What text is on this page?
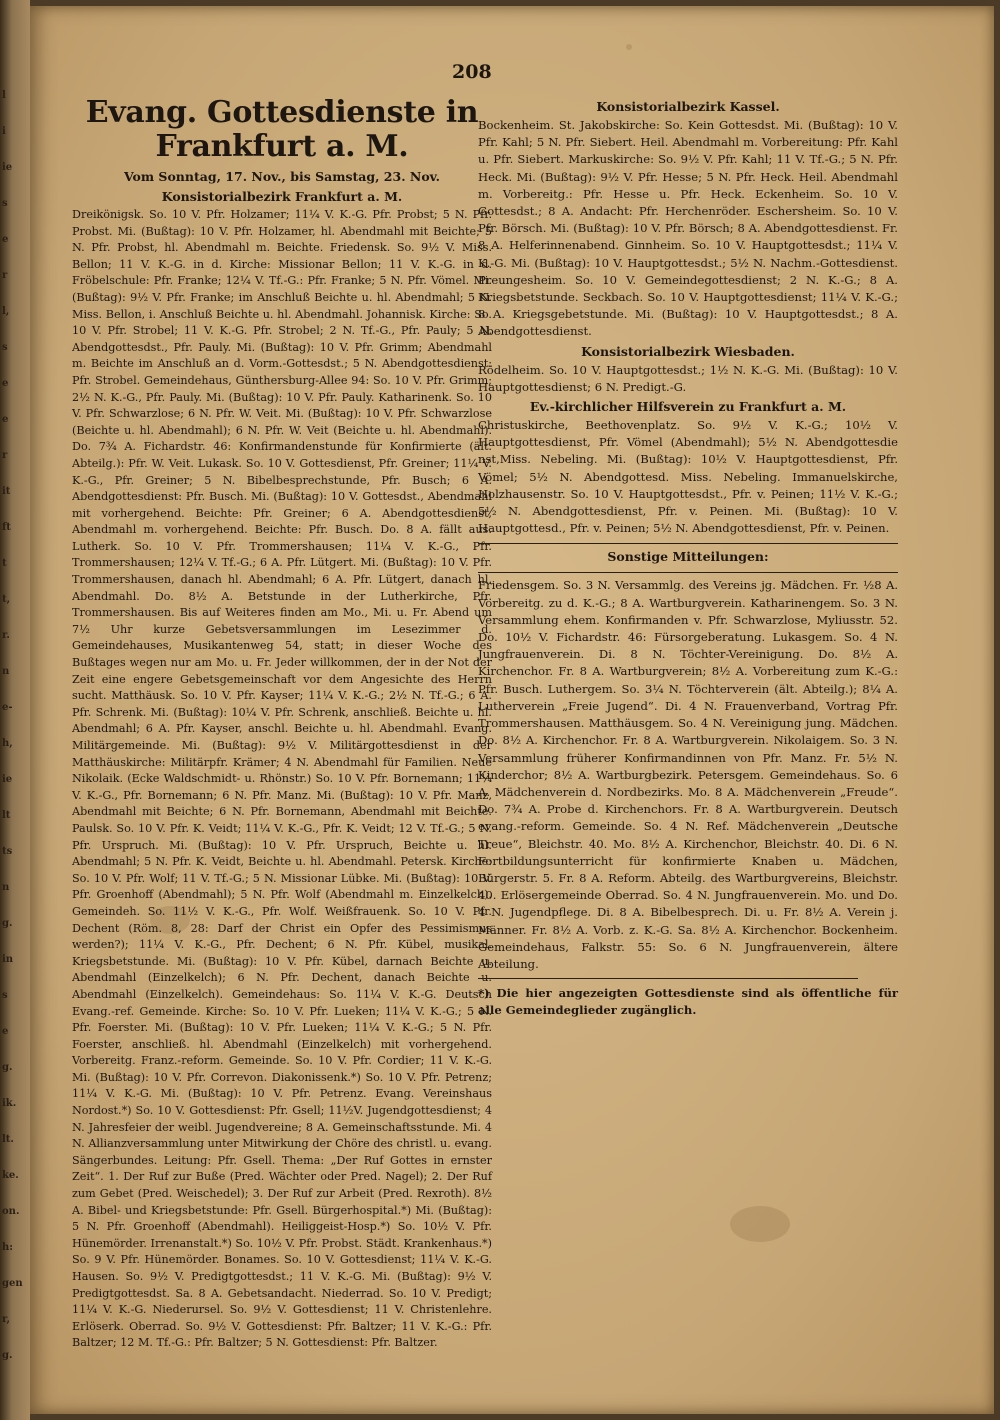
l
i
ie
s
e
r
l,
s
e
e
r
it
ft
t
t,
r.
n
e-
h,
ie
lt
ts
n
g.
in
s
e
g.
ik.
lt.
ke.
on.
h:
gen
r,
g.
208
Evang. Gottesdienste in Frankfurt a. M.
Vom Sonntag, 17. Nov., bis Samstag, 23. Nov.
Konsistorialbezirk Frankfurt a. M.

Dreikönigsk. So. 10 V. Pfr. Holzamer; 11¼ V. K.-G. Pfr. Probst; 5 N. Pfr. Probst. Mi. (Bußtag): 10 V. Pfr. Holzamer, hl. Abendmahl mit Beichte; 5 N. Pfr. Probst, hl. Abendmahl m. Beichte. Friedensk. So. 9½ V. Miss. Bellon; 11 V. K.-G. in d. Kirche: Missionar Bellon; 11 V. K.-G. in d. Fröbelschule: Pfr. Franke; 12¼ V. Tf.-G.: Pfr. Franke; 5 N. Pfr. Vömel. Mi. (Bußtag): 9½ V. Pfr. Franke; im Anschluß Beichte u. hl. Abendmahl; 5 N. Miss. Bellon, i. Anschluß Beichte u. hl. Abendmahl. Johannisk. Kirche: So. 10 V. Pfr. Strobel; 11 V. K.-G. Pfr. Strobel; 2 N. Tf.-G., Pfr. Pauly; 5 N. Abendgottesdst., Pfr. Pauly. Mi. (Bußtag): 10 V. Pfr. Grimm; Abendmahl m. Beichte im Anschluß an d. Vorm.-Gottesdst.; 5 N. Abendgottesdienst: Pfr. Strobel. Gemeindehaus, Günthersburg-Allee 94: So. 10 V. Pfr. Grimm; 2½ N. K.-G., Pfr. Pauly. Mi. (Bußtag): 10 V. Pfr. Pauly. Katharinenk. So. 10 V. Pfr. Schwarzlose; 6 N. Pfr. W. Veit. Mi. (Bußtag): 10 V. Pfr. Schwarzlose (Beichte u. hl. Abendmahl); 6 N. Pfr. W. Veit (Beichte u. hl. Abendmahl). Do. 7¾ A. Fichardstr. 46: Konfirmandenstunde für Konfirmierte (ält. Abteilg.): Pfr. W. Veit. Lukask. So. 10 V. Gottesdienst, Pfr. Greiner; 11¼ V. K.-G., Pfr. Greiner; 5 N. Bibelbesprechstunde, Pfr. Busch; 6 A. Abendgottesdienst: Pfr. Busch. Mi. (Bußtag): 10 V. Gottesdst., Abendmahl mit vorhergehend. Beichte: Pfr. Greiner; 6 A. Abendgottesdienst, Abendmahl m. vorhergehend. Beichte: Pfr. Busch. Do. 8 A. fällt aus. Lutherk. So. 10 V. Pfr. Trommershausen; 11¼ V. K.-G., Pfr. Trommershausen; 12¼ V. Tf.-G.; 6 A. Pfr. Lütgert. Mi. (Bußtag): 10 V. Pfr. Trommershausen, danach hl. Abendmahl; 6 A. Pfr. Lütgert, danach hl. Abendmahl. Do. 8½ A. Betstunde in der Lutherkirche, Pfr. Trommershausen. Bis auf Weiteres finden am Mo., Mi. u. Fr. Abend um 7½ Uhr kurze Gebetsversammlungen im Lesezimmer d. Gemeindehauses, Musikantenweg 54, statt; in dieser Woche des Bußtages wegen nur am Mo. u. Fr. Jeder willkommen, der in der Not der Zeit eine engere Gebetsgemeinschaft vor dem Angesichte des Herrn sucht. Matthäusk. So. 10 V. Pfr. Kayser; 11¼ V. K.-G.; 2½ N. Tf.-G.; 6 A. Pfr. Schrenk. Mi. (Bußtag): 10¼ V. Pfr. Schrenk, anschließ. Beichte u. hl. Abendmahl; 6 A. Pfr. Kayser, anschl. Beichte u. hl. Abendmahl. Evang. Militärgemeinde. Mi. (Bußtag): 9½ V. Militärgottesdienst in der Matthäuskirche: Militärpfr. Krämer; 4 N. Abendmahl für Familien. Neue Nikolaik. (Ecke Waldschmidt- u. Rhönstr.) So. 10 V. Pfr. Bornemann; 11¼ V. K.-G., Pfr. Bornemann; 6 N. Pfr. Manz. Mi. (Bußtag): 10 V. Pfr. Manz, Abendmahl mit Beichte; 6 N. Pfr. Bornemann, Abendmahl mit Beichte. Paulsk. So. 10 V. Pfr. K. Veidt; 11¼ V. K.-G., Pfr. K. Veidt; 12 V. Tf.-G.; 5 N. Pfr. Urspruch. Mi. (Bußtag): 10 V. Pfr. Urspruch, Beichte u. hl. Abendmahl; 5 N. Pfr. K. Veidt, Beichte u. hl. Abendmahl. Petersk. Kirche: So. 10 V. Pfr. Wolf; 11 V. Tf.-G.; 5 N. Missionar Lübke. Mi. (Bußtag): 10 V. Pfr. Groenhoff (Abendmahl); 5 N. Pfr. Wolf (Abendmahl m. Einzelkelch). Gemeindeh. So. 11½ V. K.-G., Pfr. Wolf. Weißfrauenk. So. 10 V. Pfr. Dechent (Röm. 8, 28: Darf der Christ ein Opfer des Pessimismus werden?); 11¼ V. K.-G., Pfr. Dechent; 6 N. Pfr. Kübel, musikal. Kriegsbetstunde. Mi. (Bußtag): 10 V. Pfr. Kübel, darnach Beichte u. Abendmahl (Einzelkelch); 6 N. Pfr. Dechent, danach Beichte u. Abendmahl (Einzelkelch). Gemeindehaus: So. 11¼ V. K.-G. Deutsch Evang.-ref. Gemeinde. Kirche: So. 10 V. Pfr. Lueken; 11¼ V. K.-G.; 5 N. Pfr. Foerster. Mi. (Bußtag): 10 V. Pfr. Lueken; 11¼ V. K.-G.; 5 N. Pfr. Foerster, anschließ. hl. Abendmahl (Einzelkelch) mit vorhergehend. Vorbereitg. Franz.-reform. Gemeinde. So. 10 V. Pfr. Cordier; 11 V. K.-G. Mi. (Bußtag): 10 V. Pfr. Correvon. Diakonissenk.*) So. 10 V. Pfr. Petrenz; 11¼ V. K.-G. Mi. (Bußtag): 10 V. Pfr. Petrenz. Evang. Vereinshaus Nordost.*) So. 10 V. Gottesdienst: Pfr. Gsell; 11½V. Jugendgottesdienst; 4 N. Jahresfeier der weibl. Jugendvereine; 8 A. Gemeinschaftsstunde. Mi. 4 N. Allianzversammlung unter Mitwirkung der Chöre des christl. u. evang. Sängerbundes. Leitung: Pfr. Gsell. Thema: „Der Ruf Gottes in ernster Zeit“. 1. Der Ruf zur Buße (Pred. Wächter oder Pred. Nagel); 2. Der Ruf zum Gebet (Pred. Weischedel); 3. Der Ruf zur Arbeit (Pred. Rexroth). 8½ A. Bibel- und Kriegsbetstunde: Pfr. Gsell. Bürgerhospital.*) Mi. (Bußtag): 5 N. Pfr. Groenhoff (Abendmahl). Heiliggeist-Hosp.*) So. 10½ V. Pfr. Hünemörder. Irrenanstalt.*) So. 10½ V. Pfr. Probst. Städt. Krankenhaus.*) So. 9 V. Pfr. Hünemörder. Bonames. So. 10 V. Gottesdienst; 11¼ V. K.-G. Hausen. So. 9½ V. Predigtgottesdst.; 11 V. K.-G. Mi. (Bußtag): 9½ V. Predigtgottesdst. Sa. 8 A. Gebetsandacht. Niederrad. So. 10 V. Predigt; 11¼ V. K.-G. Niederursel. So. 9½ V. Gottesdienst; 11 V. Christenlehre. Erlöserk. Oberrad. So. 9½ V. Gottesdienst: Pfr. Baltzer; 11 V. K.-G.: Pfr. Baltzer; 12 M. Tf.-G.: Pfr. Baltzer; 5 N. Gottesdienst: Pfr. Baltzer.

Konsistorialbezirk Kassel.

Bockenheim. St. Jakobskirche: So. Kein Gottesdst. Mi. (Bußtag): 10 V. Pfr. Kahl; 5 N. Pfr. Siebert. Heil. Abendmahl m. Vorbereitung: Pfr. Kahl u. Pfr. Siebert. Markuskirche: So. 9½ V. Pfr. Kahl; 11 V. Tf.-G.; 5 N. Pfr. Heck. Mi. (Bußtag): 9½ V. Pfr. Hesse; 5 N. Pfr. Heck. Heil. Abendmahl m. Vorbereitg.: Pfr. Hesse u. Pfr. Heck. Eckenheim. So. 10 V. Gottesdst.; 8 A. Andacht: Pfr. Herchenröder. Eschersheim. So. 10 V. Pfr. Börsch. Mi. (Bußtag): 10 V. Pfr. Börsch; 8 A. Abendgottesdienst. Fr. 8 A. Helferinnenabend. Ginnheim. So. 10 V. Hauptgottesdst.; 11¼ V. K.-G. Mi. (Bußtag): 10 V. Hauptgottesdst.; 5½ N. Nachm.-Gottesdienst. Preungesheim. So. 10 V. Gemeindegottesdienst; 2 N. K.-G.; 8 A. Kriegsbetstunde. Seckbach. So. 10 V. Hauptgottesdienst; 11¼ V. K.-G.; 8 A. Kriegsgebetstunde. Mi. (Bußtag): 10 V. Hauptgottesdst.; 8 A. Abendgottesdienst.

Konsistorialbezirk Wiesbaden.

Rödelheim. So. 10 V. Hauptgottesdst.; 1½ N. K.-G. Mi. (Bußtag): 10 V. Hauptgottesdienst; 6 N. Predigt.-G.

Ev.-kirchlicher Hilfsverein zu Frankfurt a. M.

Christuskirche, Beethovenplatz. So. 9½ V. K.-G.; 10½ V. Hauptgottesdienst, Pfr. Vömel (Abendmahl); 5½ N. Abendgottesdie nst,Miss. Nebeling. Mi. (Bußtag): 10½ V. Hauptgottesdienst, Pfr. Vömel; 5½ N. Abendgottesd. Miss. Nebeling. Immanuelskirche, Holzhausenstr. So. 10 V. Hauptgottesdst., Pfr. v. Peinen; 11½ V. K.-G.; 5½ N. Abendgottesdienst, Pfr. v. Peinen. Mi. (Bußtag): 10 V. Hauptgottesd., Pfr. v. Peinen; 5½ N. Abendgottesdienst, Pfr. v. Peinen.

Sonstige Mitteilungen:

Friedensgem. So. 3 N. Versammlg. des Vereins jg. Mädchen. Fr. ½8 A. Vorbereitg. zu d. K.-G.; 8 A. Wartburgverein. Katharinengem. So. 3 N. Versammlung ehem. Konfirmanden v. Pfr. Schwarzlose, Myliusstr. 52. Do. 10½ V. Fichardstr. 46: Fürsorgeberatung. Lukasgem. So. 4 N. Jungfrauenverein. Di. 8 N. Töchter-Vereinigung. Do. 8½ A. Kirchenchor. Fr. 8 A. Wartburgverein; 8½ A. Vorbereitung zum K.-G.: Pfr. Busch. Luthergem. So. 3¼ N. Töchterverein (ält. Abteilg.); 8¼ A. Lutherverein „Freie Jugend“. Di. 4 N. Frauenverband, Vortrag Pfr. Trommershausen. Matthäusgem. So. 4 N. Vereinigung jung. Mädchen. Do. 8½ A. Kirchenchor. Fr. 8 A. Wartburgverein. Nikolaigem. So. 3 N. Versammlung früherer Konfirmandinnen von Pfr. Manz. Fr. 5½ N. Kinderchor; 8½ A. Wartburgbezirk. Petersgem. Gemeindehaus. So. 6 A. Mädchenverein d. Nordbezirks. Mo. 8 A. Mädchenverein „Freude“. Do. 7¾ A. Probe d. Kirchenchors. Fr. 8 A. Wartburgverein. Deutsch evang.-reform. Gemeinde. So. 4 N. Ref. Mädchenverein „Deutsche Treue“, Bleichstr. 40. Mo. 8½ A. Kirchenchor, Bleichstr. 40. Di. 6 N. Fortbildungsunterricht für konfirmierte Knaben u. Mädchen, Bürgerstr. 5. Fr. 8 A. Reform. Abteilg. des Wartburgvereins, Bleichstr. 40. Erlösergemeinde Oberrad. So. 4 N. Jungfrauenverein. Mo. und Do. 4 N. Jugendpflege. Di. 8 A. Bibelbesprech. Di. u. Fr. 8½ A. Verein j. Männer. Fr. 8½ A. Vorb. z. K.-G. Sa. 8½ A. Kirchenchor. Bockenheim. Gemeindehaus, Falkstr. 55: So. 6 N. Jungfrauenverein, ältere Abteilung.

*) Die hier angezeigten Gottesdienste sind als öffentliche für alle Gemeindeglieder zugänglich.
